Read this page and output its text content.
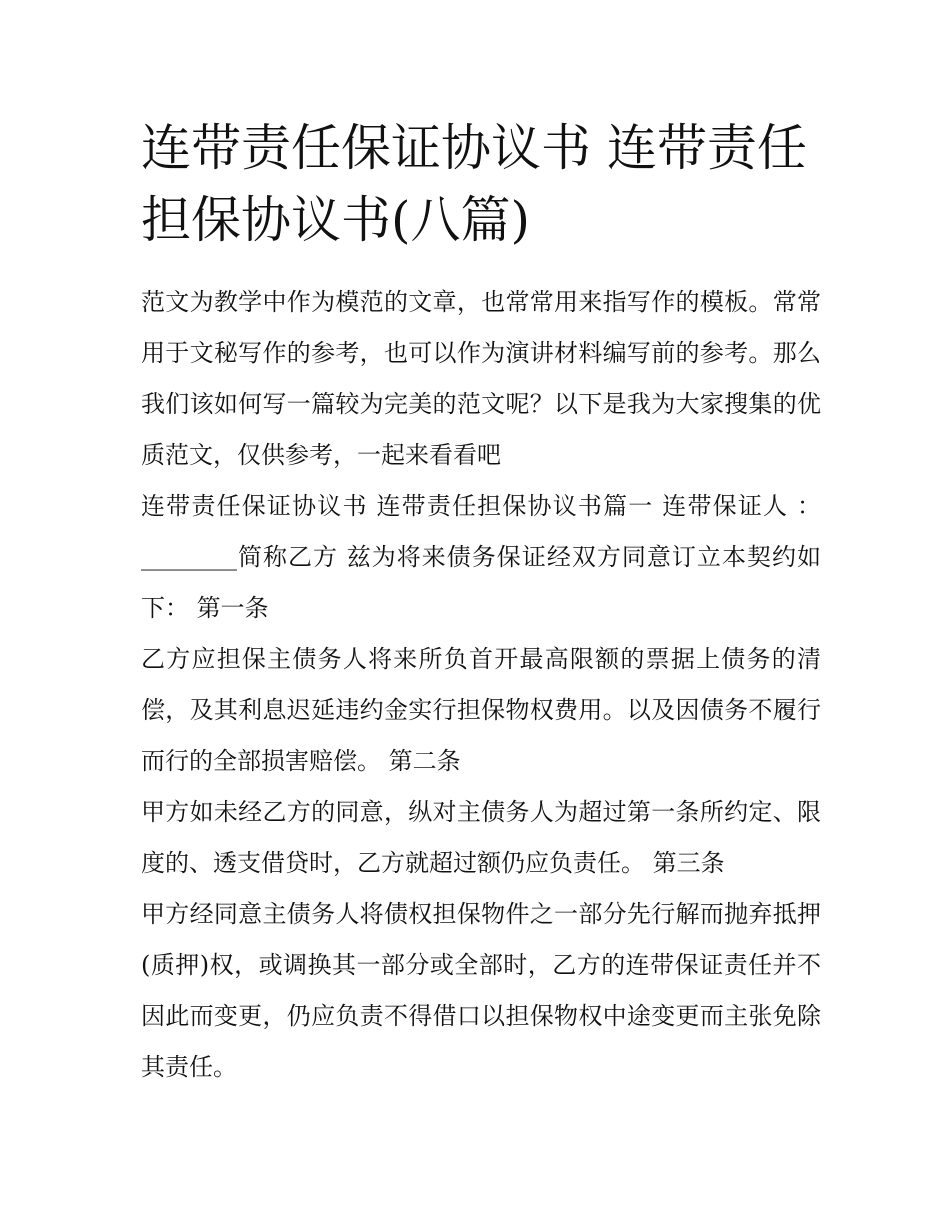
连带责任保证协议书 连带责任担保协议书(八篇)

范文为教学中作为模范的文章，也常常用来指写作的模板。常常用于文秘写作的参考，也可以作为演讲材料编写前的参考。那么我们该如何写一篇较为完美的范文呢？以下是我为大家搜集的优质范文，仅供参考，一起来看看吧

连带责任保证协议书 连带责任担保协议书篇一 连带保证人 ：________简称乙方 兹为将来债务保证经双方同意订立本契约如下： 第一条

乙方应担保主债务人将来所负首开最高限额的票据上债务的清偿，及其利息迟延违约金实行担保物权费用。以及因债务不履行而行的全部损害赔偿。 第二条

甲方如未经乙方的同意，纵对主债务人为超过第一条所约定、限度的、透支借贷时，乙方就超过额仍应负责任。 第三条

甲方经同意主债务人将债权担保物件之一部分先行解而抛弃抵押(质押)权，或调换其一部分或全部时，乙方的连带保证责任并不因此而变更，仍应负责不得借口以担保物权中途变更而主张免除其责任。
